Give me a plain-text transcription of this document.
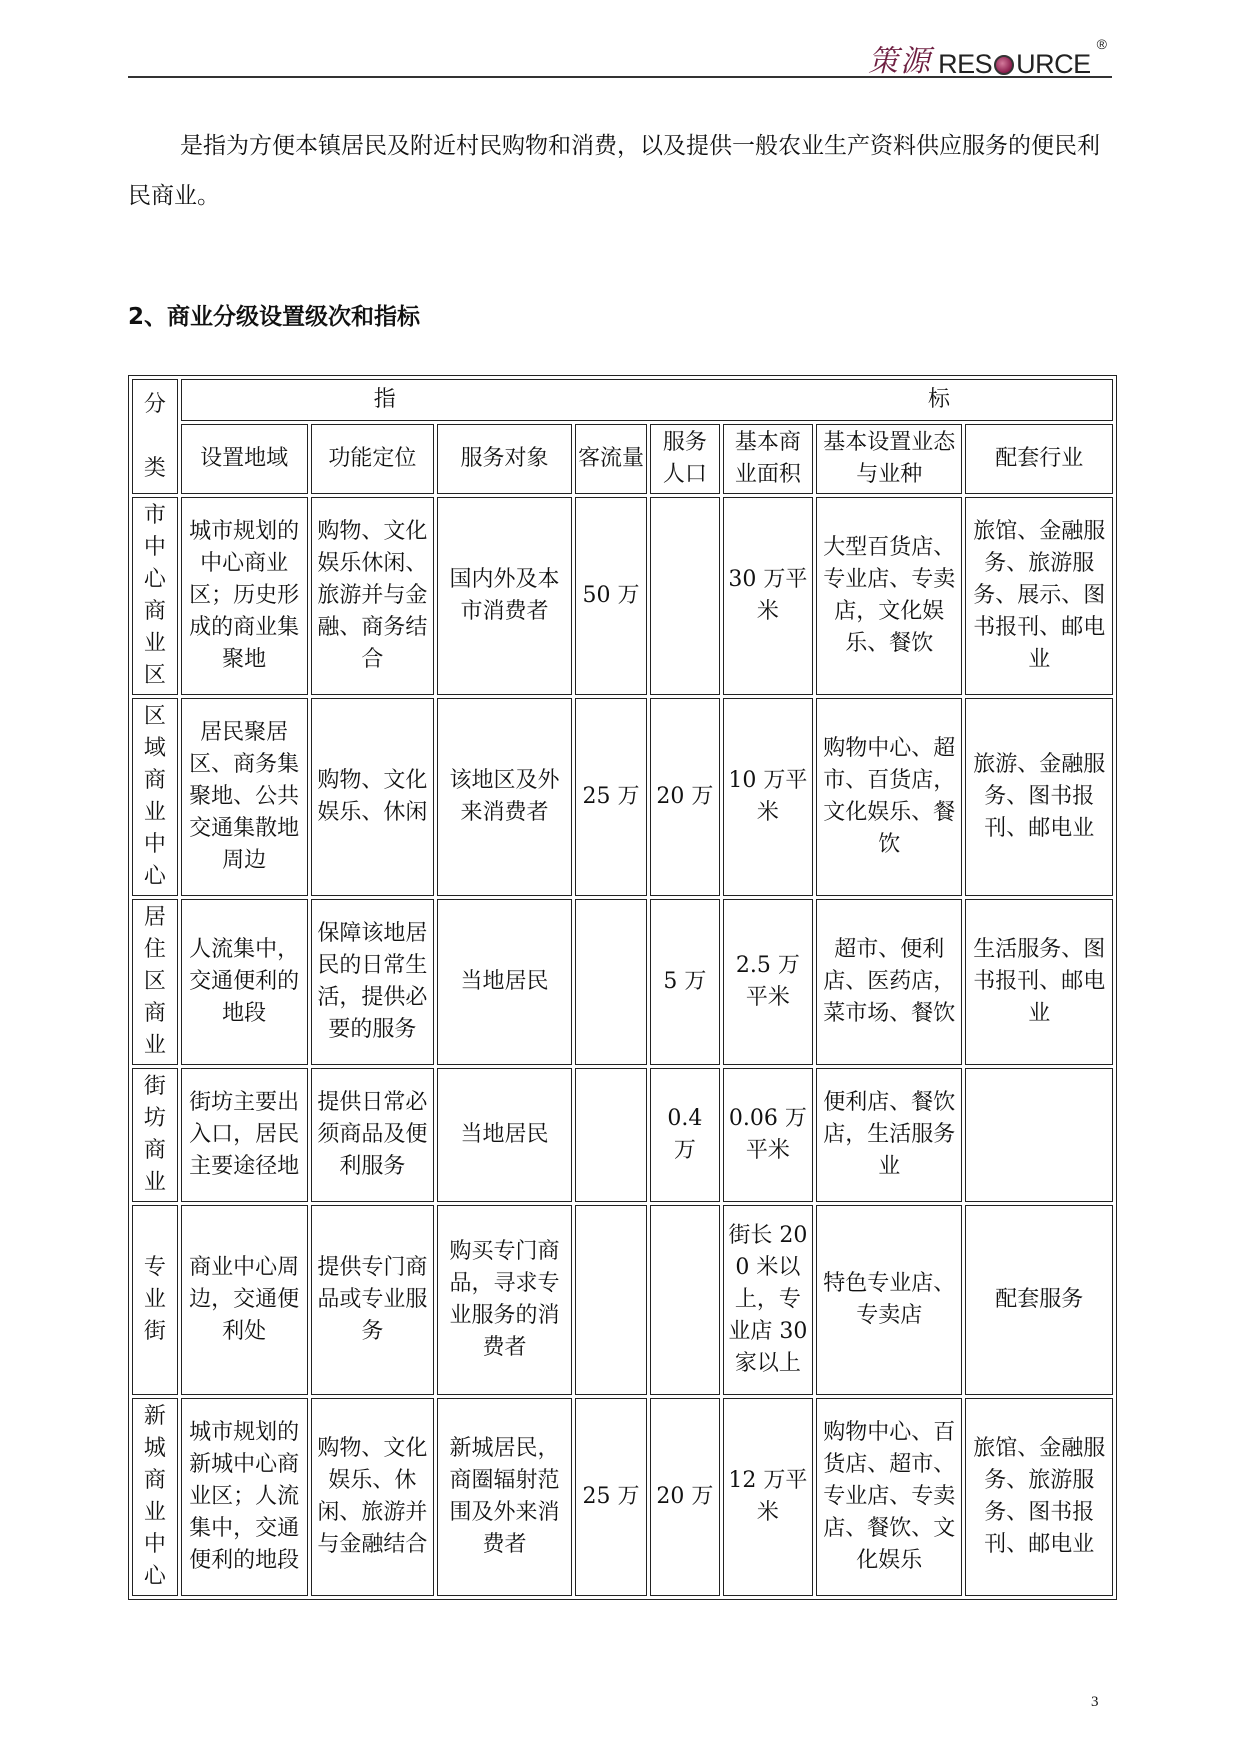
策源 RES URCE
®

是指为方便本镇居民及附近村民购物和消费，以及提供一般农业生产资料供应服务的便民利民商业。

2、商业分级设置级次和指标
分

类	指 标							

	设置地域	功能定位	服务对象	客流量	服务人口	基本商业面积	基本设置业态与业种	配套行业
市中心商业区	城市规划的中心商业区；历史形成的商业集聚地	购物、文化娱乐休闲、旅游并与金融、商务结合	国内外及本市消费者	50 万		30 万平米	大型百货店、专业店、专卖店，文化娱乐、餐饮	旅馆、金融服务、旅游服务、展示、图书报刊、邮电业
区域商业中心	居民聚居区、商务集聚地、公共交通集散地周边	购物、文化娱乐、休闲	该地区及外来消费者	25 万	20 万	10 万平米	购物中心、超市、百货店，文化娱乐、餐饮	旅游、金融服务、图书报刊、邮电业
居住区商业	人流集中，交通便利的地段	保障该地居民的日常生活，提供必要的服务	当地居民		5 万	2.5 万平米	超市、便利店、医药店，菜市场、餐饮	生活服务、图书报刊、邮电业
街坊商业	街坊主要出入口，居民主要途径地	提供日常必须商品及便利服务	当地居民		0.4 万	0.06 万平米	便利店、餐饮店，生活服务业	
专业街	商业中心周边，交通便利处	提供专门商品或专业服务	购买专门商品，寻求专业服务的消费者			街长 200 米以上，专业店 30 家以上	特色专业店、专卖店	配套服务
新城商业中心	城市规划的新城中心商业区；人流集中，交通便利的地段	购物、文化娱乐、休闲、旅游并与金融结合	新城居民，商圈辐射范围及外来消费者	25 万	20 万	12 万平米	购物中心、百货店、超市、专业店、专卖店、餐饮、文化娱乐	旅馆、金融服务、旅游服务、图书报刊、邮电业
3
